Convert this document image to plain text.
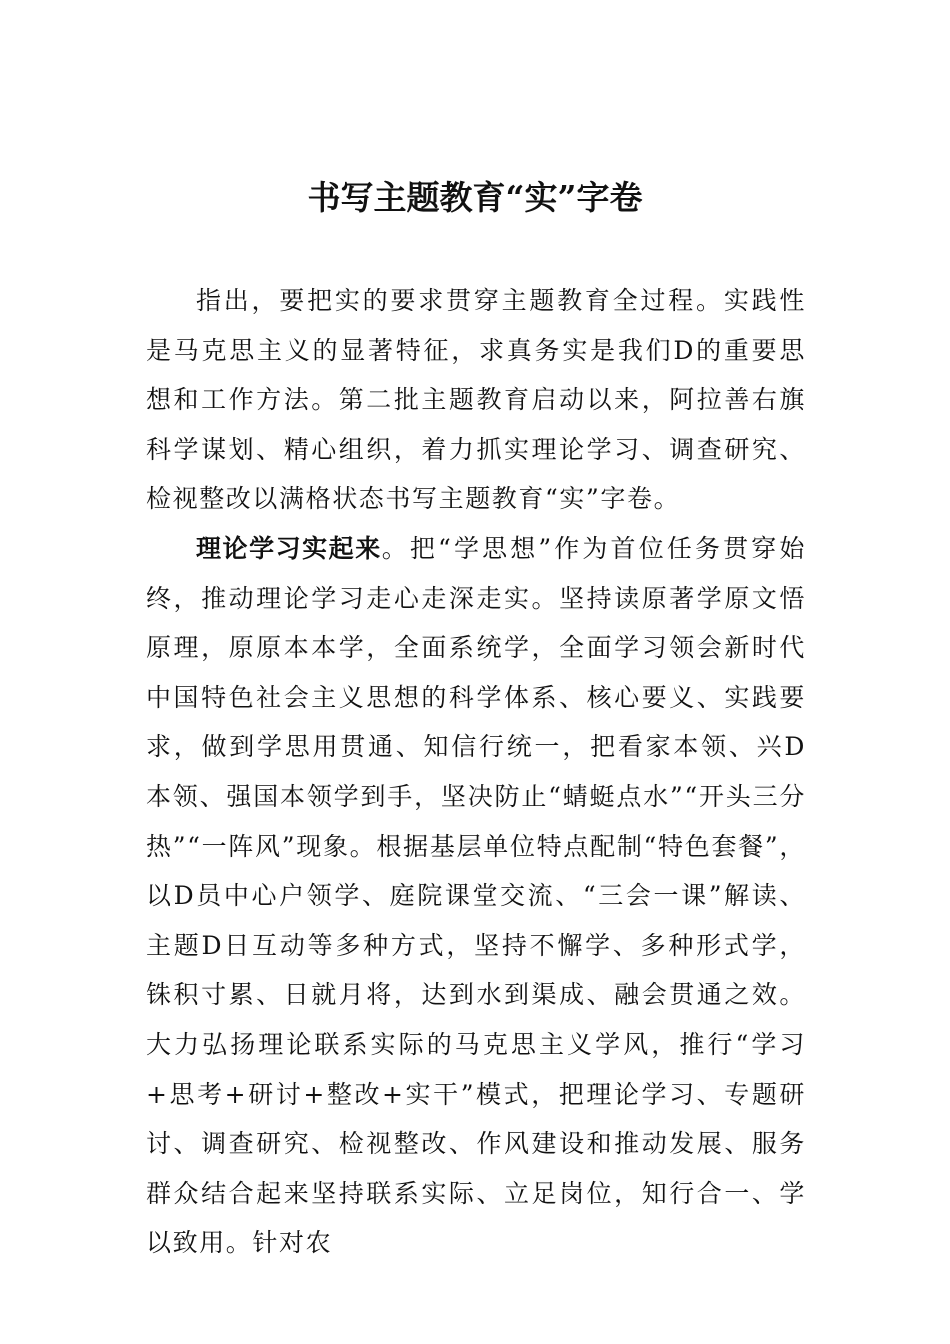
书写主题教育“实”字卷

指出，要把实的要求贯穿主题教育全过程。实践性是马克思主义的显著特征，求真务实是我们D的重要思想和工作方法。第二批主题教育启动以来，阿拉善右旗科学谋划、精心组织，着力抓实理论学习、调查研究、检视整改以满格状态书写主题教育“实”字卷。

理论学习实起来。把“学思想”作为首位任务贯穿始终，推动理论学习走心走深走实。坚持读原著学原文悟原理，原原本本学，全面系统学，全面学习领会新时代中国特色社会主义思想的科学体系、核心要义、实践要求，做到学思用贯通、知信行统一，把看家本领、兴D本领、强国本领学到手，坚决防止“蜻蜓点水”“开头三分热”“一阵风”现象。根据基层单位特点配制“特色套餐”，以D员中心户领学、庭院课堂交流、“三会一课”解读、主题D日互动等多种方式，坚持不懈学、多种形式学，铢积寸累、日就月将，达到水到渠成、融会贯通之效。大力弘扬理论联系实际的马克思主义学风，推行“学习+思考+研讨+整改+实干”模式，把理论学习、专题研讨、调查研究、检视整改、作风建设和推动发展、服务群众结合起来坚持联系实际、立足岗位，知行合一、学以致用。针对农
